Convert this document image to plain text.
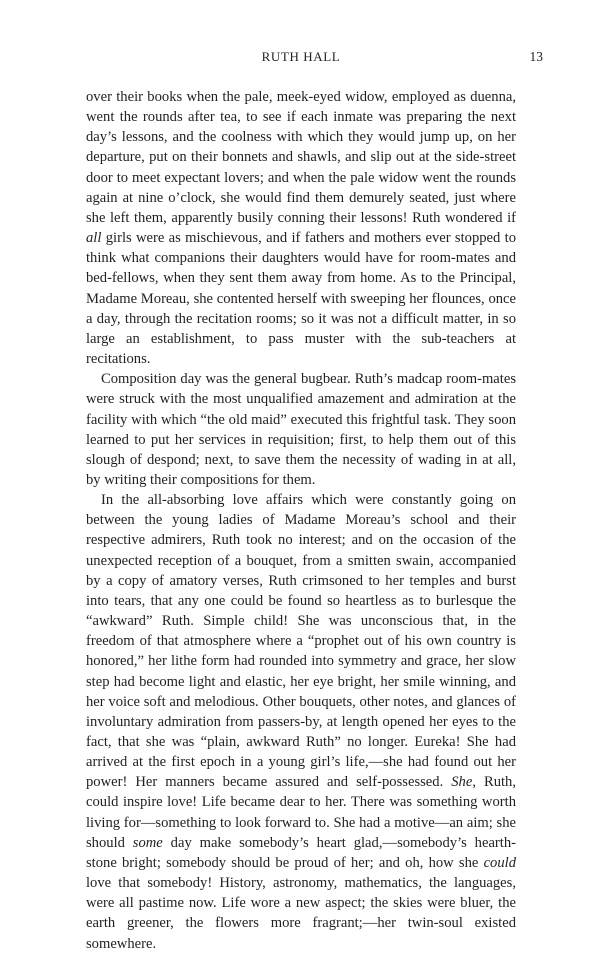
RUTH HALL	13

over their books when the pale, meek-eyed widow, employed as duenna, went the rounds after tea, to see if each inmate was preparing the next day’s lessons, and the coolness with which they would jump up, on her departure, put on their bonnets and shawls, and slip out at the side-street door to meet expectant lovers; and when the pale widow went the rounds again at nine o’clock, she would find them demurely seated, just where she left them, apparently busily conning their lessons! Ruth wondered if all girls were as mischievous, and if fathers and mothers ever stopped to think what companions their daughters would have for room-mates and bed-fellows, when they sent them away from home. As to the Principal, Madame Moreau, she contented herself with sweeping her flounces, once a day, through the recitation rooms; so it was not a difficult matter, in so large an establishment, to pass muster with the sub-teachers at recitations.

Composition day was the general bugbear. Ruth’s madcap room-mates were struck with the most unqualified amazement and admiration at the facility with which “the old maid” executed this frightful task. They soon learned to put her services in requisition; first, to help them out of this slough of despond; next, to save them the necessity of wading in at all, by writing their compositions for them.

In the all-absorbing love affairs which were constantly going on between the young ladies of Madame Moreau’s school and their respective admirers, Ruth took no interest; and on the occasion of the unexpected reception of a bouquet, from a smitten swain, accompanied by a copy of amatory verses, Ruth crimsoned to her temples and burst into tears, that any one could be found so heartless as to burlesque the “awkward” Ruth. Simple child! She was unconscious that, in the freedom of that atmosphere where a “prophet out of his own country is honored,” her lithe form had rounded into symmetry and grace, her slow step had become light and elastic, her eye bright, her smile winning, and her voice soft and melodious. Other bouquets, other notes, and glances of involuntary admiration from passers-by, at length opened her eyes to the fact, that she was “plain, awkward Ruth” no longer. Eureka! She had arrived at the first epoch in a young girl’s life,—she had found out her power! Her manners became assured and self-possessed. She, Ruth, could inspire love! Life became dear to her. There was something worth living for—something to look forward to. She had a motive—an aim; she should some day make somebody’s heart glad,—somebody’s hearth-stone bright; somebody should be proud of her; and oh, how she could love that somebody! History, astronomy, mathematics, the languages, were all pastime now. Life wore a new aspect; the skies were bluer, the earth greener, the flowers more fragrant;—her twin-soul existed somewhere.
